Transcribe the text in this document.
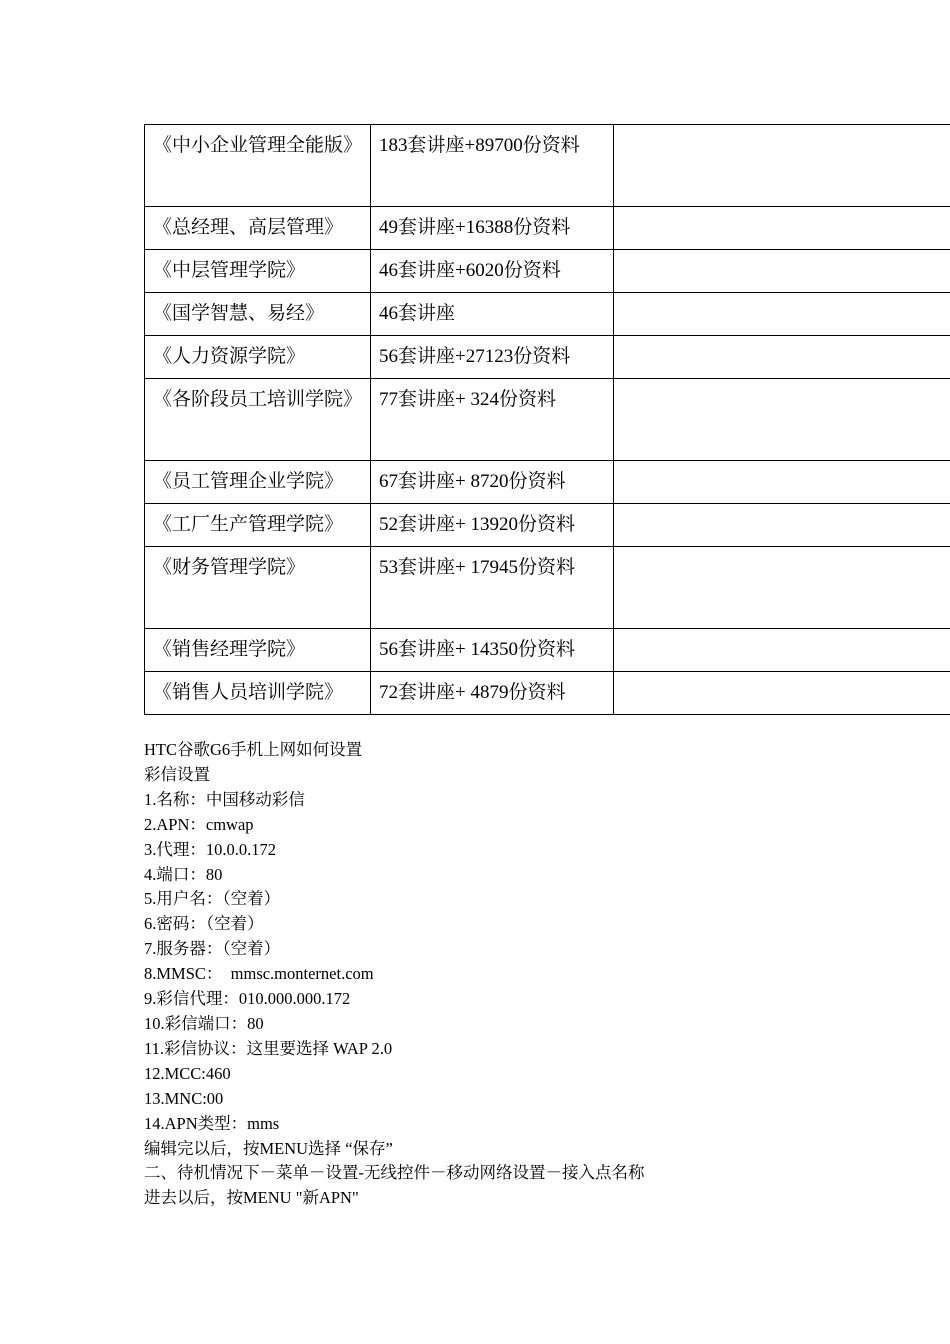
《中小企业管理全能版》	183套讲座+89700份资料	
《总经理、高层管理》	49套讲座+16388份资料	
《中层管理学院》	46套讲座+6020份资料	
《国学智慧、易经》	46套讲座	
《人力资源学院》	56套讲座+27123份资料	
《各阶段员工培训学院》	77套讲座+ 324份资料	
《员工管理企业学院》	67套讲座+ 8720份资料	
《工厂生产管理学院》	52套讲座+ 13920份资料	
《财务管理学院》	53套讲座+ 17945份资料	
《销售经理学院》	56套讲座+ 14350份资料	
《销售人员培训学院》	72套讲座+ 4879份资料	
HTC谷歌G6手机上网如何设置
彩信设置
1.名称：中国移动彩信
2.APN：cmwap
3.代理：10.0.0.172
4.端口：80
5.用户名：（空着）
6.密码：（空着）
7.服务器：（空着）
8.MMSC：  mmsc.monternet.com
9.彩信代理：010.000.000.172
10.彩信端口：80
11.彩信协议：这里要选择 WAP 2.0
12.MCC:460
13.MNC:00
14.APN类型：mms
编辑完以后，按MENU选择 “保存”
二、待机情况下－菜单－设置-无线控件－移动网络设置－接入点名称
进去以后，按MENU "新APN"
